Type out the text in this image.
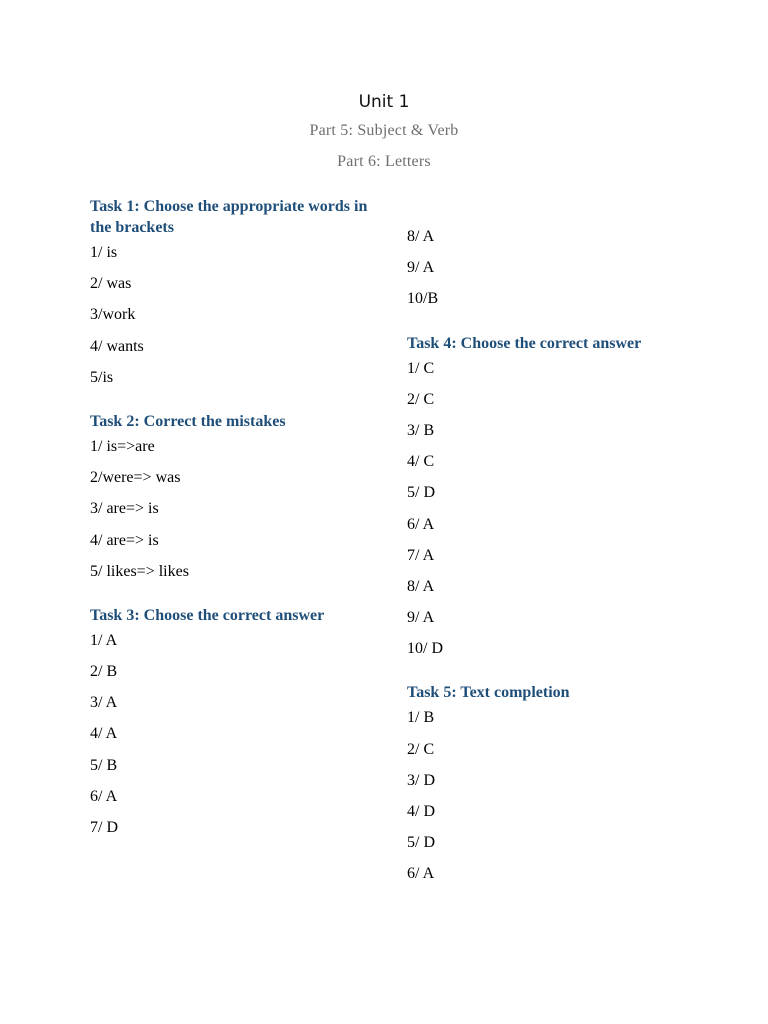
Unit 1
Part 5: Subject & Verb
Part 6: Letters
Task 1: Choose the appropriate words in the brackets
1/ is
2/ was
3/work
4/ wants
5/is
Task 2: Correct the mistakes
1/ is=>are
2/were=> was
3/ are=> is
4/ are=> is
5/ likes=> likes
Task 3: Choose the correct answer
1/ A
2/ B
3/ A
4/ A
5/ B
6/ A
7/ D
8/ A
9/ A
10/B
Task 4: Choose the correct answer
1/ C
2/ C
3/ B
4/ C
5/ D
6/ A
7/ A
8/ A
9/ A
10/ D
Task 5: Text completion
1/ B
2/ C
3/ D
4/ D
5/ D
6/ A
